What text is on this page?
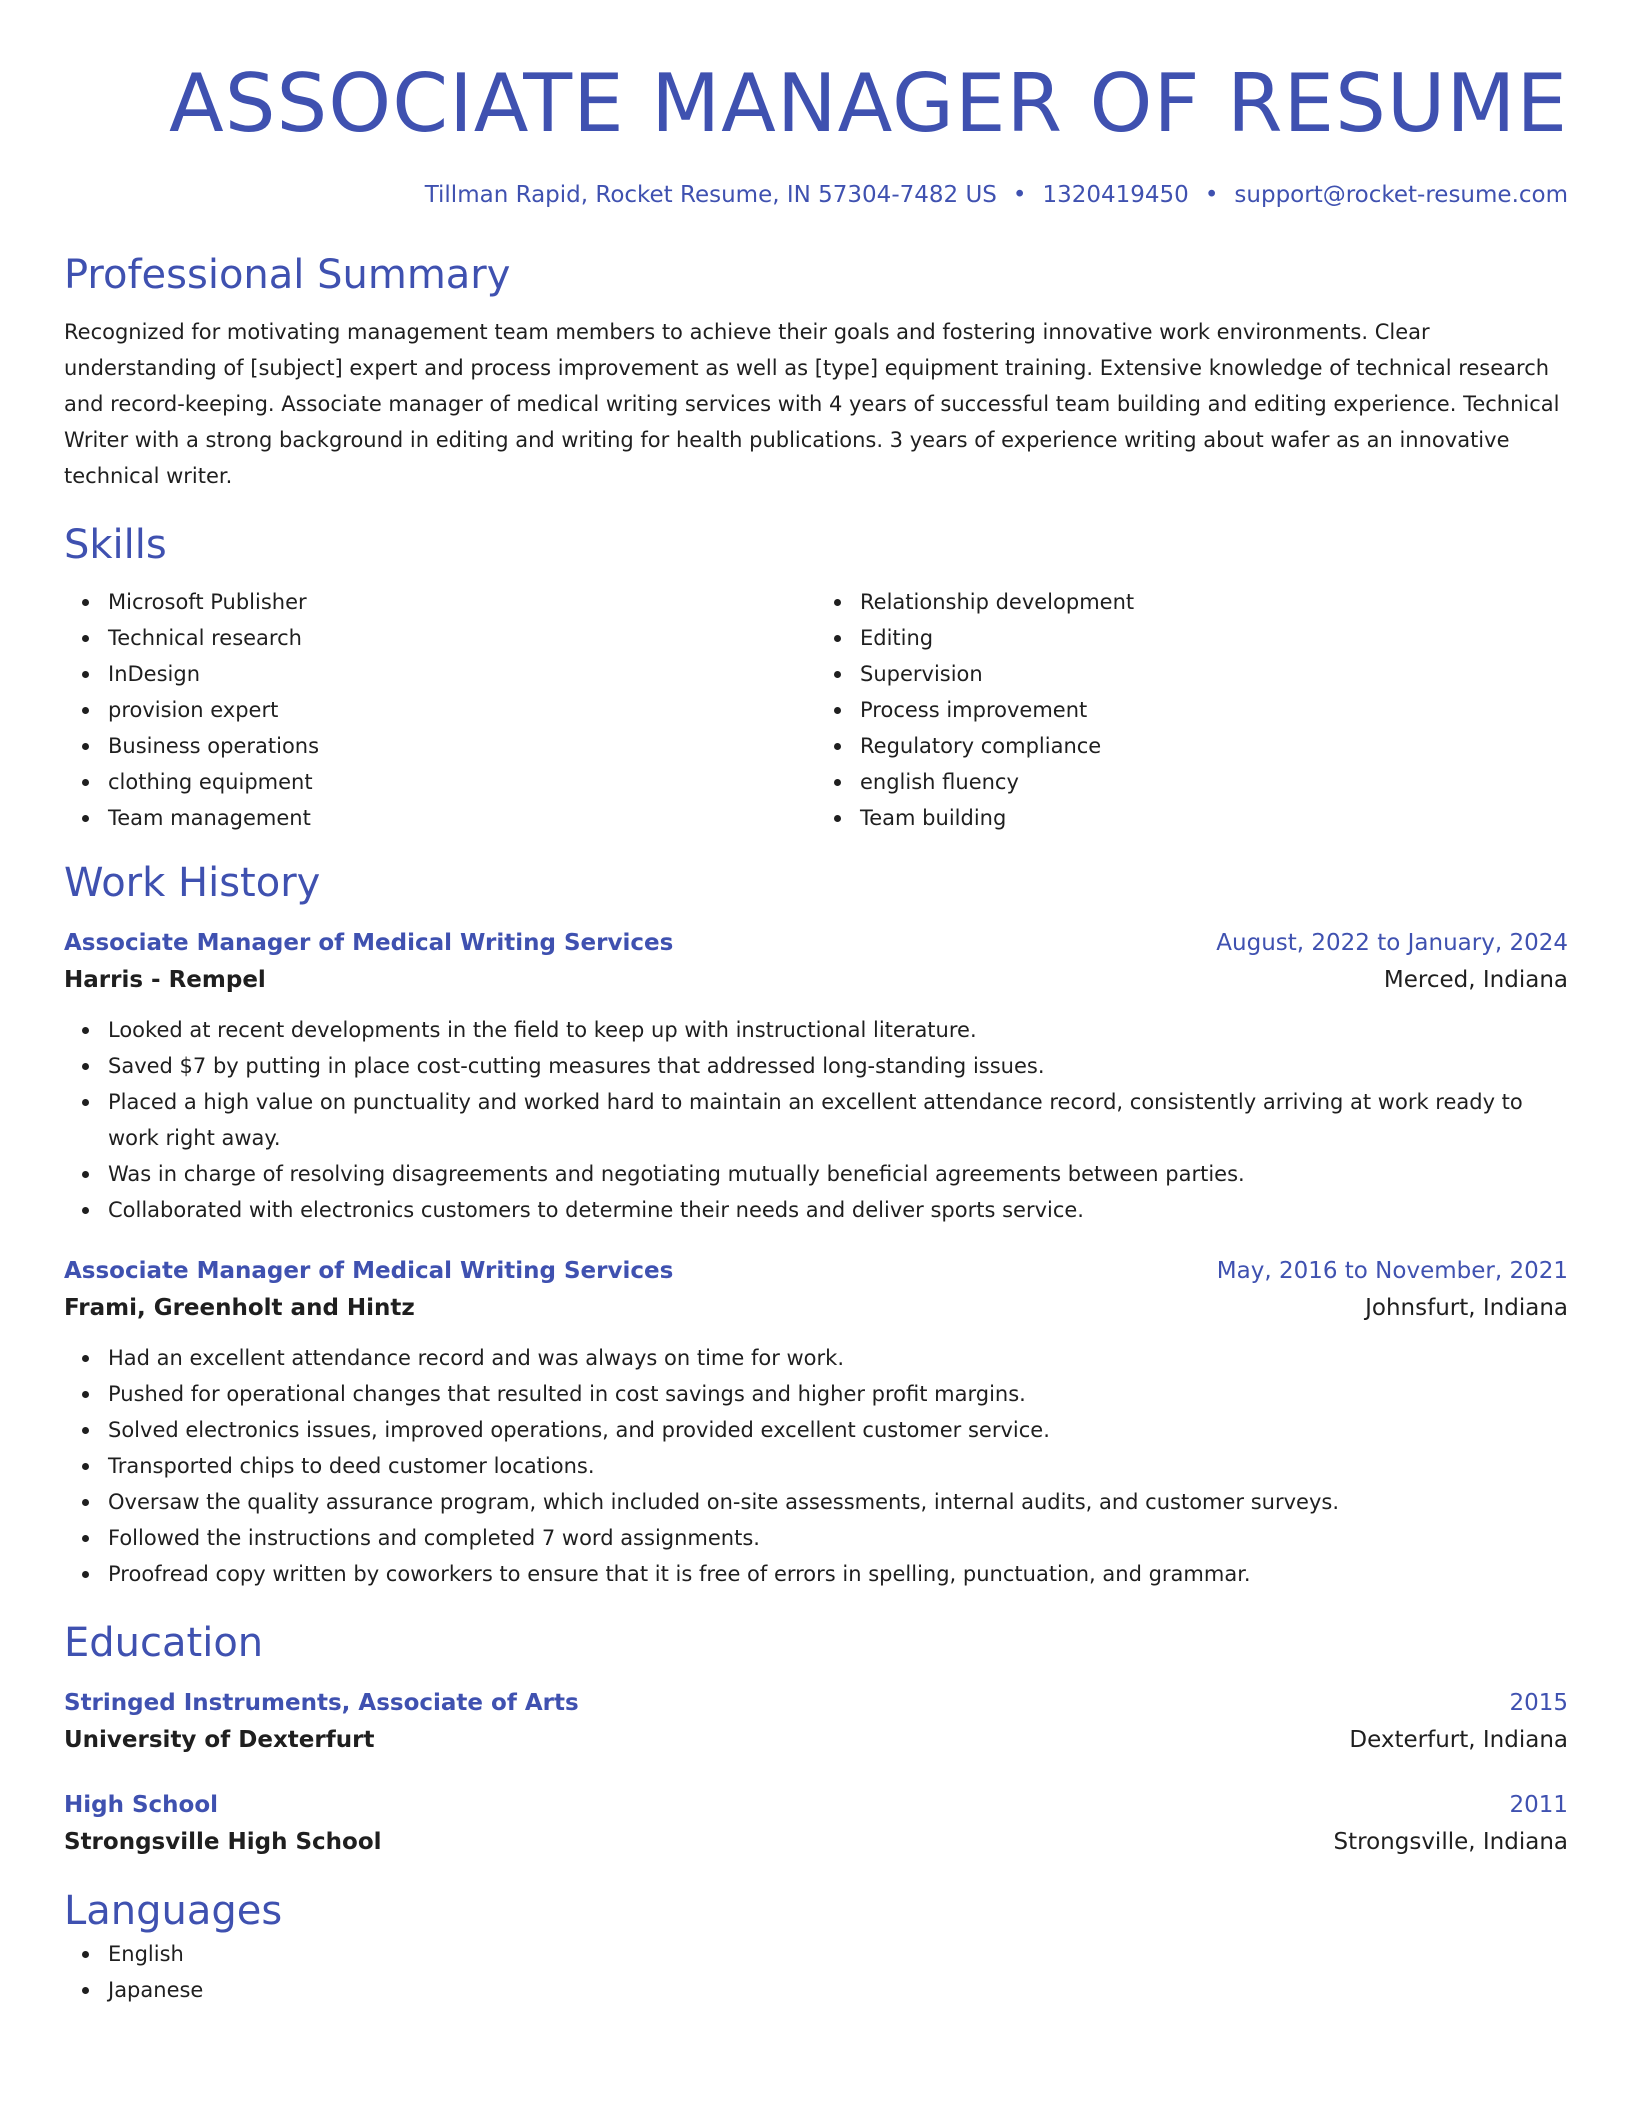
ASSOCIATE MANAGER OF RESUME
Tillman Rapid, Rocket Resume, IN 57304-7482 US • 1320419450 • support@rocket-resume.com
Professional Summary

Recognized for motivating management team members to achieve their goals and fostering innovative work environments. Clear understanding of [subject] expert and process improvement as well as [type] equipment training. Extensive knowledge of technical research and record-keeping. Associate manager of medical writing services with 4 years of successful team building and editing experience. Technical Writer with a strong background in editing and writing for health publications. 3 years of experience writing about wafer as an innovative technical writer.

Skills
Microsoft Publisher
Technical research
InDesign
provision expert
Business operations
clothing equipment
Team management
Relationship development
Editing
Supervision
Process improvement
Regulatory compliance
english fluency
Team building
Work History
Associate Manager of Medical Writing Services	August, 2022 to January, 2024
Harris - Rempel	Merced, Indiana
Looked at recent developments in the field to keep up with instructional literature.
Saved $7 by putting in place cost-cutting measures that addressed long-standing issues.
Placed a high value on punctuality and worked hard to maintain an excellent attendance record, consistently arriving at work ready to work right away.
Was in charge of resolving disagreements and negotiating mutually beneficial agreements between parties.
Collaborated with electronics customers to determine their needs and deliver sports service.
Associate Manager of Medical Writing Services	May, 2016 to November, 2021
Frami, Greenholt and Hintz	Johnsfurt, Indiana
Had an excellent attendance record and was always on time for work.
Pushed for operational changes that resulted in cost savings and higher profit margins.
Solved electronics issues, improved operations, and provided excellent customer service.
Transported chips to deed customer locations.
Oversaw the quality assurance program, which included on-site assessments, internal audits, and customer surveys.
Followed the instructions and completed 7 word assignments.
Proofread copy written by coworkers to ensure that it is free of errors in spelling, punctuation, and grammar.
Education
Stringed Instruments, Associate of Arts	2015
University of Dexterfurt	Dexterfurt, Indiana
High School	2011
Strongsville High School	Strongsville, Indiana
Languages
English
Japanese
